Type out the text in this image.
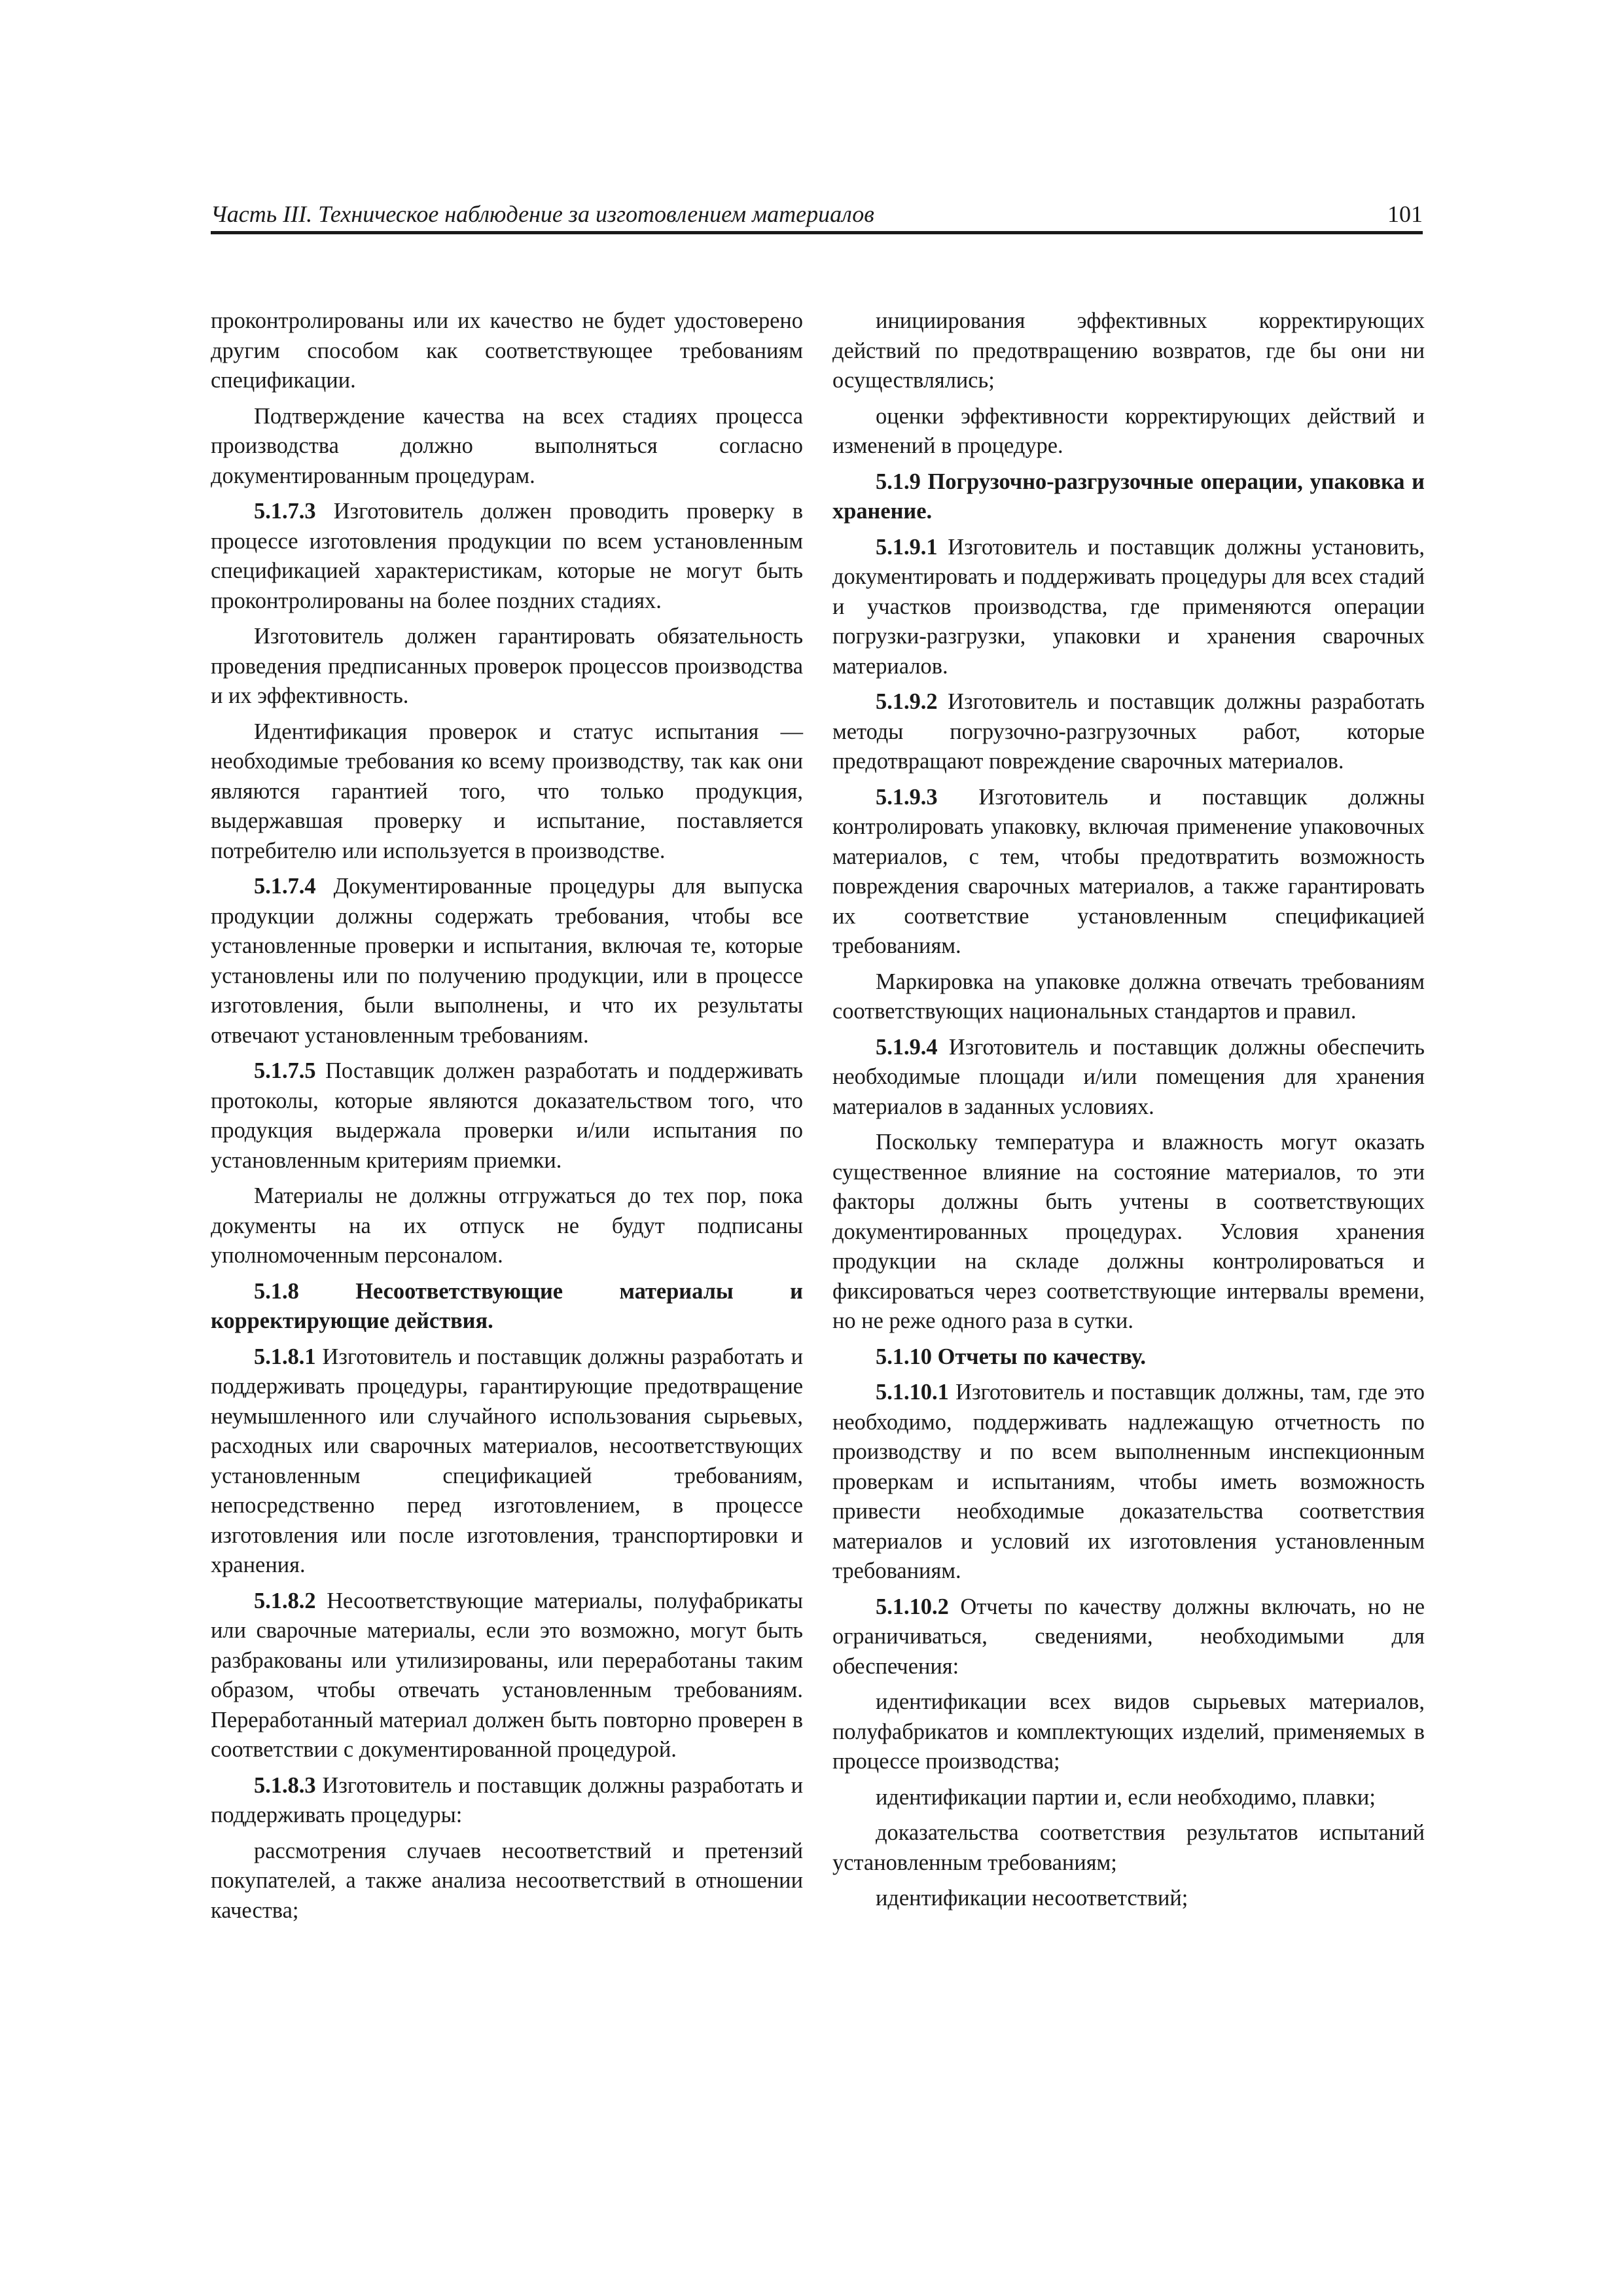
Часть III. Техническое наблюдение за изготовлением материалов	101

проконтролированы или их качество не будет удостоверено другим способом как соответствующее требованиям спецификации.

Подтверждение качества на всех стадиях процесса производства должно выполняться согласно документированным процедурам.

5.1.7.3 Изготовитель должен проводить проверку в процессе изготовления продукции по всем установленным спецификацией характеристикам, которые не могут быть проконтролированы на более поздних стадиях.

Изготовитель должен гарантировать обязательность проведения предписанных проверок процессов производства и их эффективность.

Идентификация проверок и статус испытания — необходимые требования ко всему производству, так как они являются гарантией того, что только продукция, выдержавшая проверку и испытание, поставляется потребителю или используется в производстве.

5.1.7.4 Документированные процедуры для выпуска продукции должны содержать требования, чтобы все установленные проверки и испытания, включая те, которые установлены или по получению продукции, или в процессе изготовления, были выполнены, и что их результаты отвечают установленным требованиям.

5.1.7.5 Поставщик должен разработать и поддерживать протоколы, которые являются доказательством того, что продукция выдержала проверки и/или испытания по установленным критериям приемки.

Материалы не должны отгружаться до тех пор, пока документы на их отпуск не будут подписаны уполномоченным персоналом.

5.1.8 Несоответствующие материалы и корректирующие действия.

5.1.8.1 Изготовитель и поставщик должны разработать и поддерживать процедуры, гарантирующие предотвращение неумышленного или случайного использования сырьевых, расходных или сварочных материалов, несоответствующих установленным спецификацией требованиям, непосредственно перед изготовлением, в процессе изготовления или после изготовления, транспортировки и хранения.

5.1.8.2 Несоответствующие материалы, полуфабрикаты или сварочные материалы, если это возможно, могут быть разбракованы или утилизированы, или переработаны таким образом, чтобы отвечать установленным требованиям. Переработанный материал должен быть повторно проверен в соответствии с документированной процедурой.

5.1.8.3 Изготовитель и поставщик должны разработать и поддерживать процедуры:

рассмотрения случаев несоответствий и претензий покупателей, а также анализа несоответствий в отношении качества;

инициирования эффективных корректирующих действий по предотвращению возвратов, где бы они ни осуществлялись;

оценки эффективности корректирующих действий и изменений в процедуре.

5.1.9 Погрузочно-разгрузочные операции, упаковка и хранение.

5.1.9.1 Изготовитель и поставщик должны установить, документировать и поддерживать процедуры для всех стадий и участков производства, где применяются операции погрузки-разгрузки, упаковки и хранения сварочных материалов.

5.1.9.2 Изготовитель и поставщик должны разработать методы погрузочно-разгрузочных работ, которые предотвращают повреждение сварочных материалов.

5.1.9.3 Изготовитель и поставщик должны контролировать упаковку, включая применение упаковочных материалов, с тем, чтобы предотвратить возможность повреждения сварочных материалов, а также гарантировать их соответствие установленным спецификацией требованиям.

Маркировка на упаковке должна отвечать требованиям соответствующих национальных стандартов и правил.

5.1.9.4 Изготовитель и поставщик должны обеспечить необходимые площади и/или помещения для хранения материалов в заданных условиях.

Поскольку температура и влажность могут оказать существенное влияние на состояние материалов, то эти факторы должны быть учтены в соответствующих документированных процедурах. Условия хранения продукции на складе должны контролироваться и фиксироваться через соответствующие интервалы времени, но не реже одного раза в сутки.

5.1.10 Отчеты по качеству.

5.1.10.1 Изготовитель и поставщик должны, там, где это необходимо, поддерживать надлежащую отчетность по производству и по всем выполненным инспекционным проверкам и испытаниям, чтобы иметь возможность привести необходимые доказательства соответствия материалов и условий их изготовления установленным требованиям.

5.1.10.2 Отчеты по качеству должны включать, но не ограничиваться, сведениями, необходимыми для обеспечения:

идентификации всех видов сырьевых материалов, полуфабрикатов и комплектующих изделий, применяемых в процессе производства;

идентификации партии и, если необходимо, плавки;

доказательства соответствия результатов испытаний установленным требованиям;

идентификации несоответствий;
